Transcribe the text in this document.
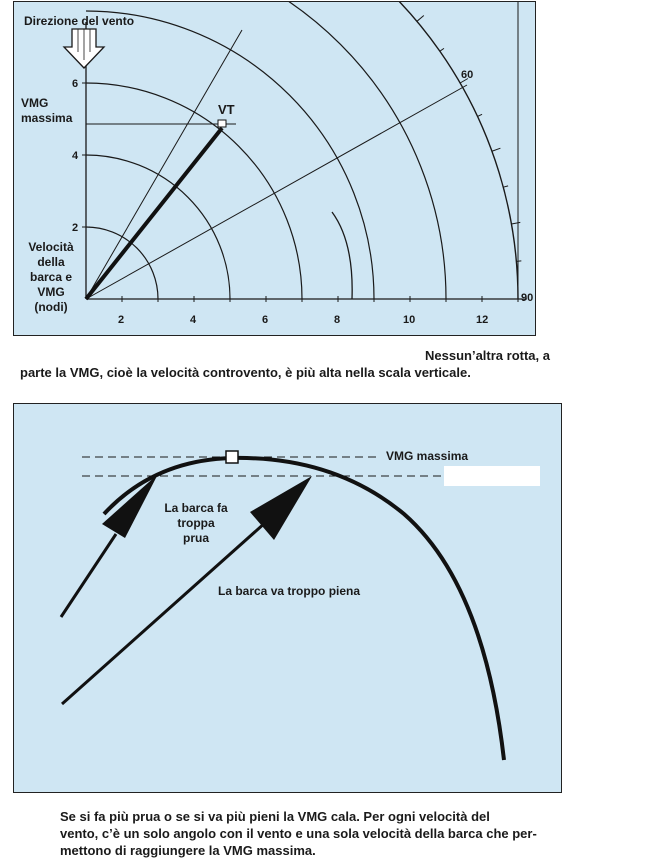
Direzione del vento
VMG
massima
VT
Velocità
della
barca e
VMG
(nodi)
2
4
6
2	4	6	8	10	12
60
90
Nessun’altra rotta, a
parte la VMG, cioè la velocità controvento, è più alta nella scala verticale.
VMG massima
La barca fa
troppa
prua
La barca va troppo piena
Se si fa più prua o se si va più pieni la VMG cala. Per ogni velocità del
vento, c’è un solo angolo con il vento e una sola velocità della barca che per-
mettono di raggiungere la VMG massima.
